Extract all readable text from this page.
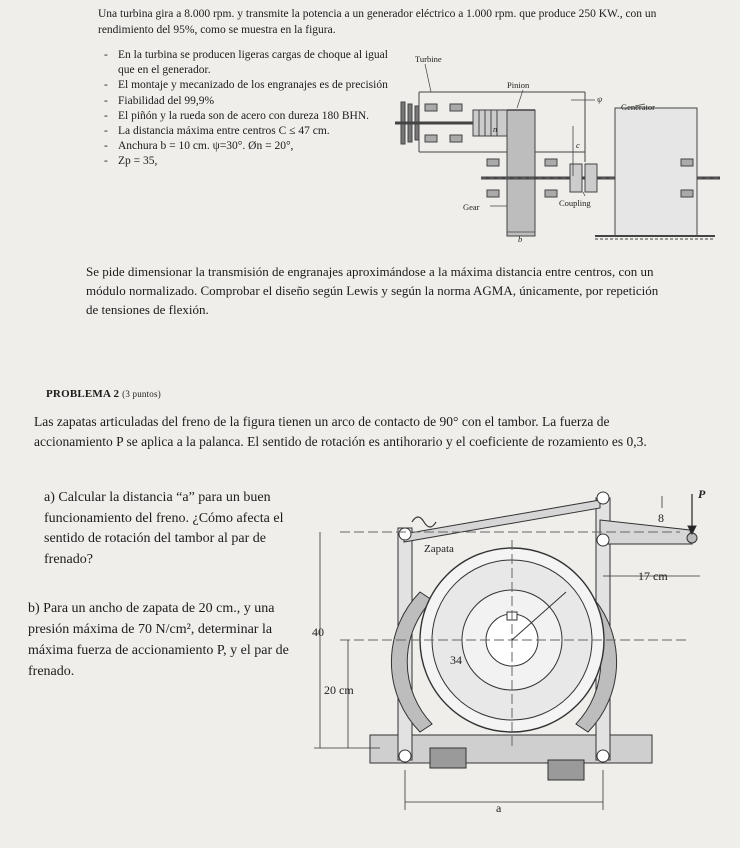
Una turbina gira a 8.000 rpm. y transmite la potencia a un generador eléctrico a 1.000 rpm. que produce 250 KW., con un rendimiento del 95%, como se muestra en la figura.

- En la turbina se producen ligeras cargas de choque al igual que en el generador.
- El montaje y mecanizado de los engranajes es de precisión
- Fiabilidad del 99,9%
- El piñón y la rueda son de acero con dureza 180 BHN.
- La distancia máxima entre centros C ≤ 47 cm.
- Anchura b = 10 cm. ψ=30°. Øn = 20°,
- Zp = 35,
Turbine
Pinion
Generator
Gear	Coupling
n
c
ψ
b
Se pide dimensionar la transmisión de engranajes aproximándose a la máxima distancia entre centros, con un módulo normalizado. Comprobar el diseño según Lewis y según la norma AGMA, únicamente, por repetición de tensiones de flexión.
PROBLEMA 2 (3 puntos)
Las zapatas articuladas del freno de la figura tienen un arco de contacto de 90° con el tambor. La fuerza de accionamiento P se aplica a la palanca. El sentido de rotación es antihorario y el coeficiente de rozamiento es 0,3.

a) Calcular la distancia “a” para un buen funcionamiento del freno. ¿Cómo afecta el sentido de rotación del tambor al par de frenado?

b) Para un ancho de zapata de 20 cm., y una presión máxima de 70 N/cm², determinar la máxima fuerza de accionamiento P, y el par de frenado.

P
8
Zapata
17 cm
40
34
20 cm
a
